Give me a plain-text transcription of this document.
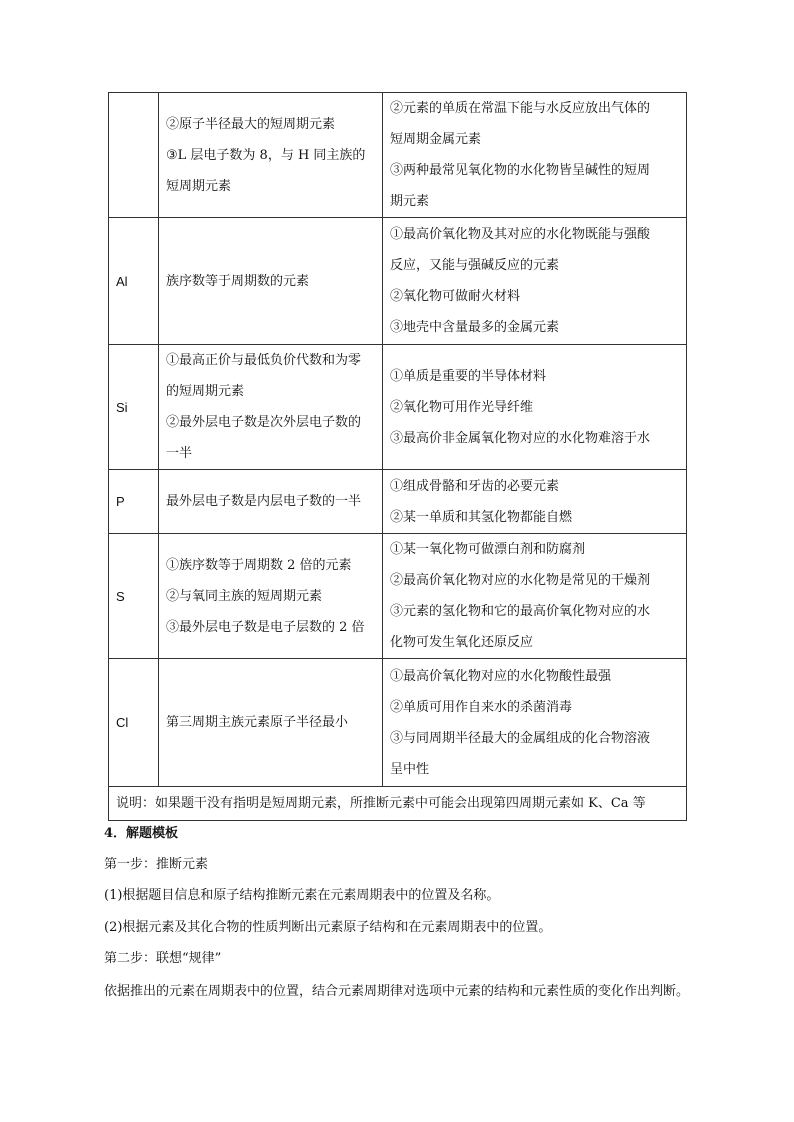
	②原子半径最大的短周期元素
③L 层电子数为 8，与 H 同主族的
短周期元素	②元素的单质在常温下能与水反应放出气体的
短周期金属元素
③两种最常见氧化物的水化物皆呈碱性的短周
期元素

Al	族序数等于周期数的元素	①最高价氧化物及其对应的水化物既能与强酸
反应，又能与强碱反应的元素
②氧化物可做耐火材料
③地壳中含量最多的金属元素

Si	①最高正价与最低负价代数和为零
的短周期元素
②最外层电子数是次外层电子数的
一半	①单质是重要的半导体材料
②氧化物可用作光导纤维
③最高价非金属氧化物对应的水化物难溶于水

P	最外层电子数是内层电子数的一半	①组成骨骼和牙齿的必要元素
②某一单质和其氢化物都能自燃

S	①族序数等于周期数 2 倍的元素
②与氧同主族的短周期元素
③最外层电子数是电子层数的 2 倍	①某一氧化物可做漂白剂和防腐剂
②最高价氧化物对应的水化物是常见的干燥剂
③元素的氢化物和它的最高价氧化物对应的水
化物可发生氧化还原反应

Cl	第三周期主族元素原子半径最小	①最高价氧化物对应的水化物酸性最强
②单质可用作自来水的杀菌消毒
③与同周期半径最大的金属组成的化合物溶液
呈中性

说明：如果题干没有指明是短周期元素，所推断元素中可能会出现第四周期元素如 K、Ca 等		
4．解题模板
第一步：推断元素
(1)根据题目信息和原子结构推断元素在元素周期表中的位置及名称。
(2)根据元素及其化合物的性质判断出元素原子结构和在元素周期表中的位置。
第二步：联想“规律”
依据推出的元素在周期表中的位置，结合元素周期律对选项中元素的结构和元素性质的变化作出判断。
